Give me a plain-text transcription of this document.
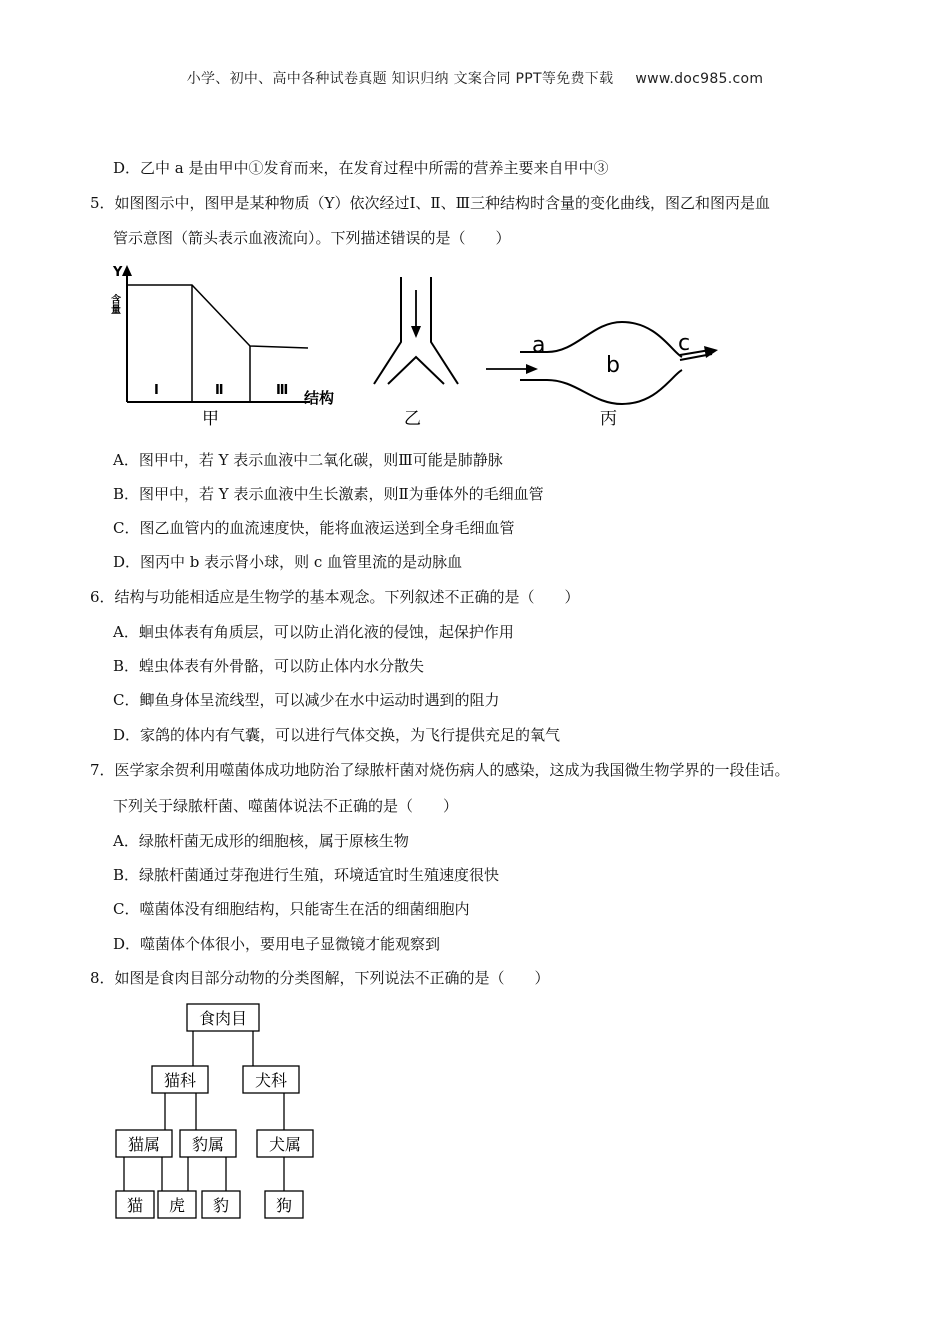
小学、初中、高中各种试卷真题 知识归纳 文案合同 PPT等免费下载 www.doc985.com
D．乙中 a 是由甲中①发育而来，在发育过程中所需的营养主要来自甲中③
5．如图图示中，图甲是某种物质（Y）依次经过Ⅰ、Ⅱ、Ⅲ三种结构时含量的变化曲线，图乙和图丙是血
管示意图（箭头表示血液流向）。下列描述错误的是（　　）
Y
含量
Ⅰ	Ⅱ	Ⅲ 结构
甲	乙
a
b
c
丙
A．图甲中，若 Y 表示血液中二氧化碳，则Ⅲ可能是肺静脉
B．图甲中，若 Y 表示血液中生长激素，则Ⅱ为垂体外的毛细血管
C．图乙血管内的血流速度快，能将血液运送到全身毛细血管
D．图丙中 b 表示肾小球，则 c 血管里流的是动脉血
6．结构与功能相适应是生物学的基本观念。下列叙述不正确的是（　　）
A．蛔虫体表有角质层，可以防止消化液的侵蚀，起保护作用
B．蝗虫体表有外骨骼，可以防止体内水分散失
C．鲫鱼身体呈流线型，可以减少在水中运动时遇到的阻力
D．家鸽的体内有气囊，可以进行气体交换，为飞行提供充足的氧气
7．医学家余贺利用噬菌体成功地防治了绿脓杆菌对烧伤病人的感染，这成为我国微生物学界的一段佳话。
下列关于绿脓杆菌、噬菌体说法不正确的是（　　）
A．绿脓杆菌无成形的细胞核，属于原核生物
B．绿脓杆菌通过芽孢进行生殖，环境适宜时生殖速度很快
C．噬菌体没有细胞结构，只能寄生在活的细菌细胞内
D．噬菌体个体很小，要用电子显微镜才能观察到
8．如图是食肉目部分动物的分类图解，下列说法不正确的是（　　）
食肉目
猫科	犬科
猫属 豹属	犬属
猫 虎 豹	狗
